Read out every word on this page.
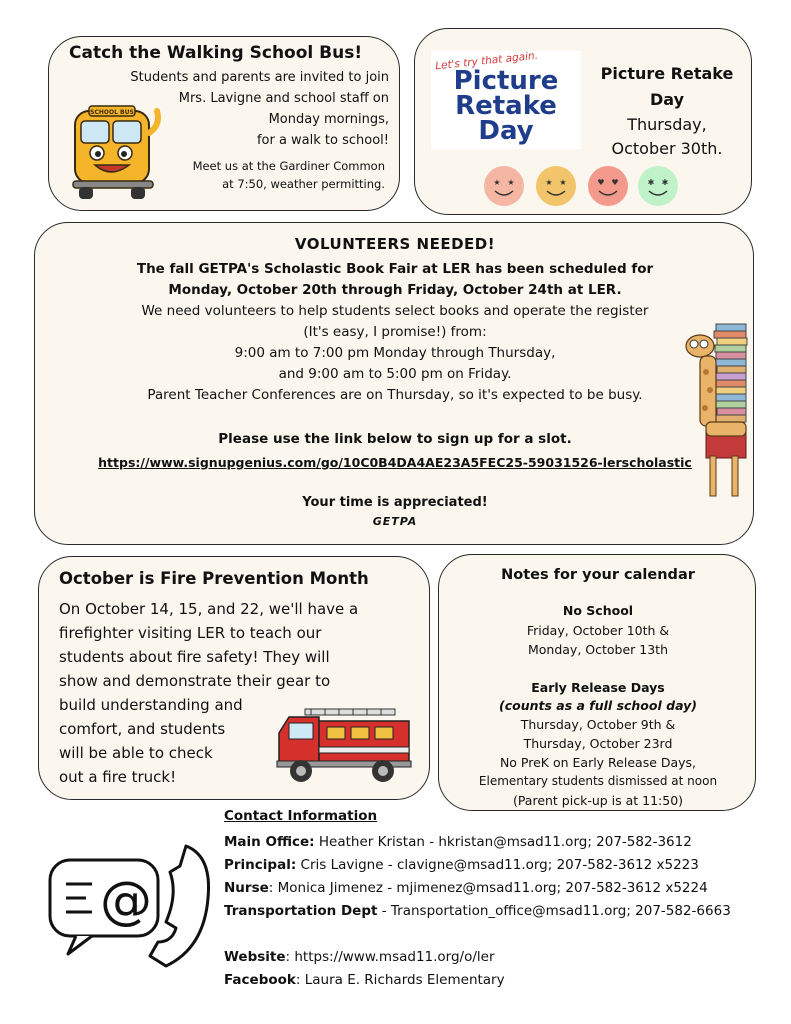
Catch the Walking School Bus!
Students and parents are invited to join
Mrs. Lavigne and school staff on
Monday mornings,
for a walk to school!
Meet us at the Gardiner Common
at 7:50, weather permitting.
SCHOOL BUS
Let's try that again.
Picture
Retake
Day
Picture Retake
Day
Thursday,
October 30th.
★ ★	★ ★	♥ ♥	✱ ✱
VOLUNTEERS NEEDED!
The fall GETPA's Scholastic Book Fair at LER has been scheduled for
Monday, October 20th through Friday, October 24th at LER.
We need volunteers to help students select books and operate the register
(It's easy, I promise!) from:
9:00 am to 7:00 pm Monday through Thursday,
and 9:00 am to 5:00 pm on Friday.
Parent Teacher Conferences are on Thursday, so it's expected to be busy.
Please use the link below to sign up for a slot.
https://www.signupgenius.com/go/10C0B4DA4AE23A5FEC25-59031526-lerscholastic
Your time is appreciated!
GETPA
October is Fire Prevention Month
On October 14, 15, and 22, we'll have a
firefighter visiting LER to teach our
students about fire safety! They will
show and demonstrate their gear to
build understanding and
comfort, and students
will be able to check
out a fire truck!
Notes for your calendar
No School
Friday, October 10th &
Monday, October 13th
Early Release Days
(counts as a full school day)
Thursday, October 9th &
Thursday, October 23rd
No PreK on Early Release Days,
Elementary students dismissed at noon
(Parent pick-up is at 11:50)
@
Contact Information
Main Office: Heather Kristan - hkristan@msad11.org; 207-582-3612
Principal: Cris Lavigne - clavigne@msad11.org; 207-582-3612 x5223
Nurse: Monica Jimenez - mjimenez@msad11.org; 207-582-3612 x5224
Transportation Dept - Transportation_office@msad11.org; 207-582-6663
Website: https://www.msad11.org/o/ler
Facebook: Laura E. Richards Elementary
